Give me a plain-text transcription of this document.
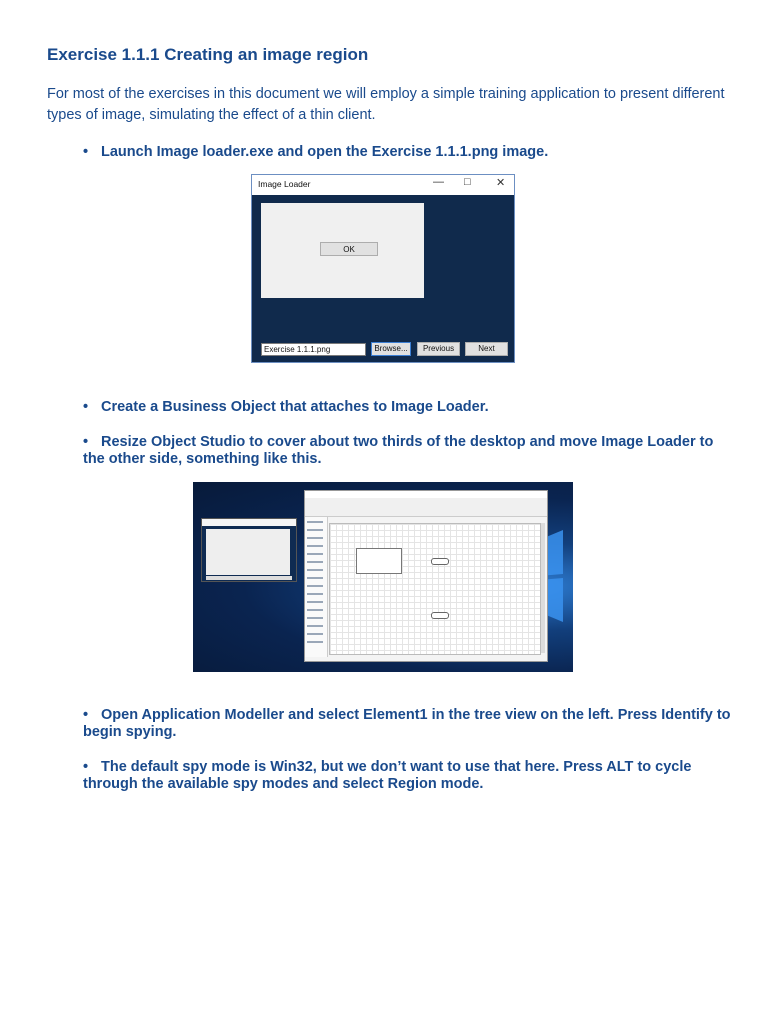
Exercise 1.1.1 Creating an image region

For most of the exercises in this document we will employ a simple training application to present different types of image, simulating the effect of a thin client.

• Launch Image loader.exe and open the Exercise 1.1.1.png image.

Image Loader	— □ ✕
OK
Exercise 1.1.1.png	Browse...	Previous	Next

• Create a Business Object that attaches to Image Loader.

• Resize Object Studio to cover about two thirds of the desktop and move Image Loader to the other side, something like this.

• Open Application Modeller and select Element1 in the tree view on the left. Press Identify to begin spying.

• The default spy mode is Win32, but we don’t want to use that here. Press ALT to cycle through the available spy modes and select Region mode.
